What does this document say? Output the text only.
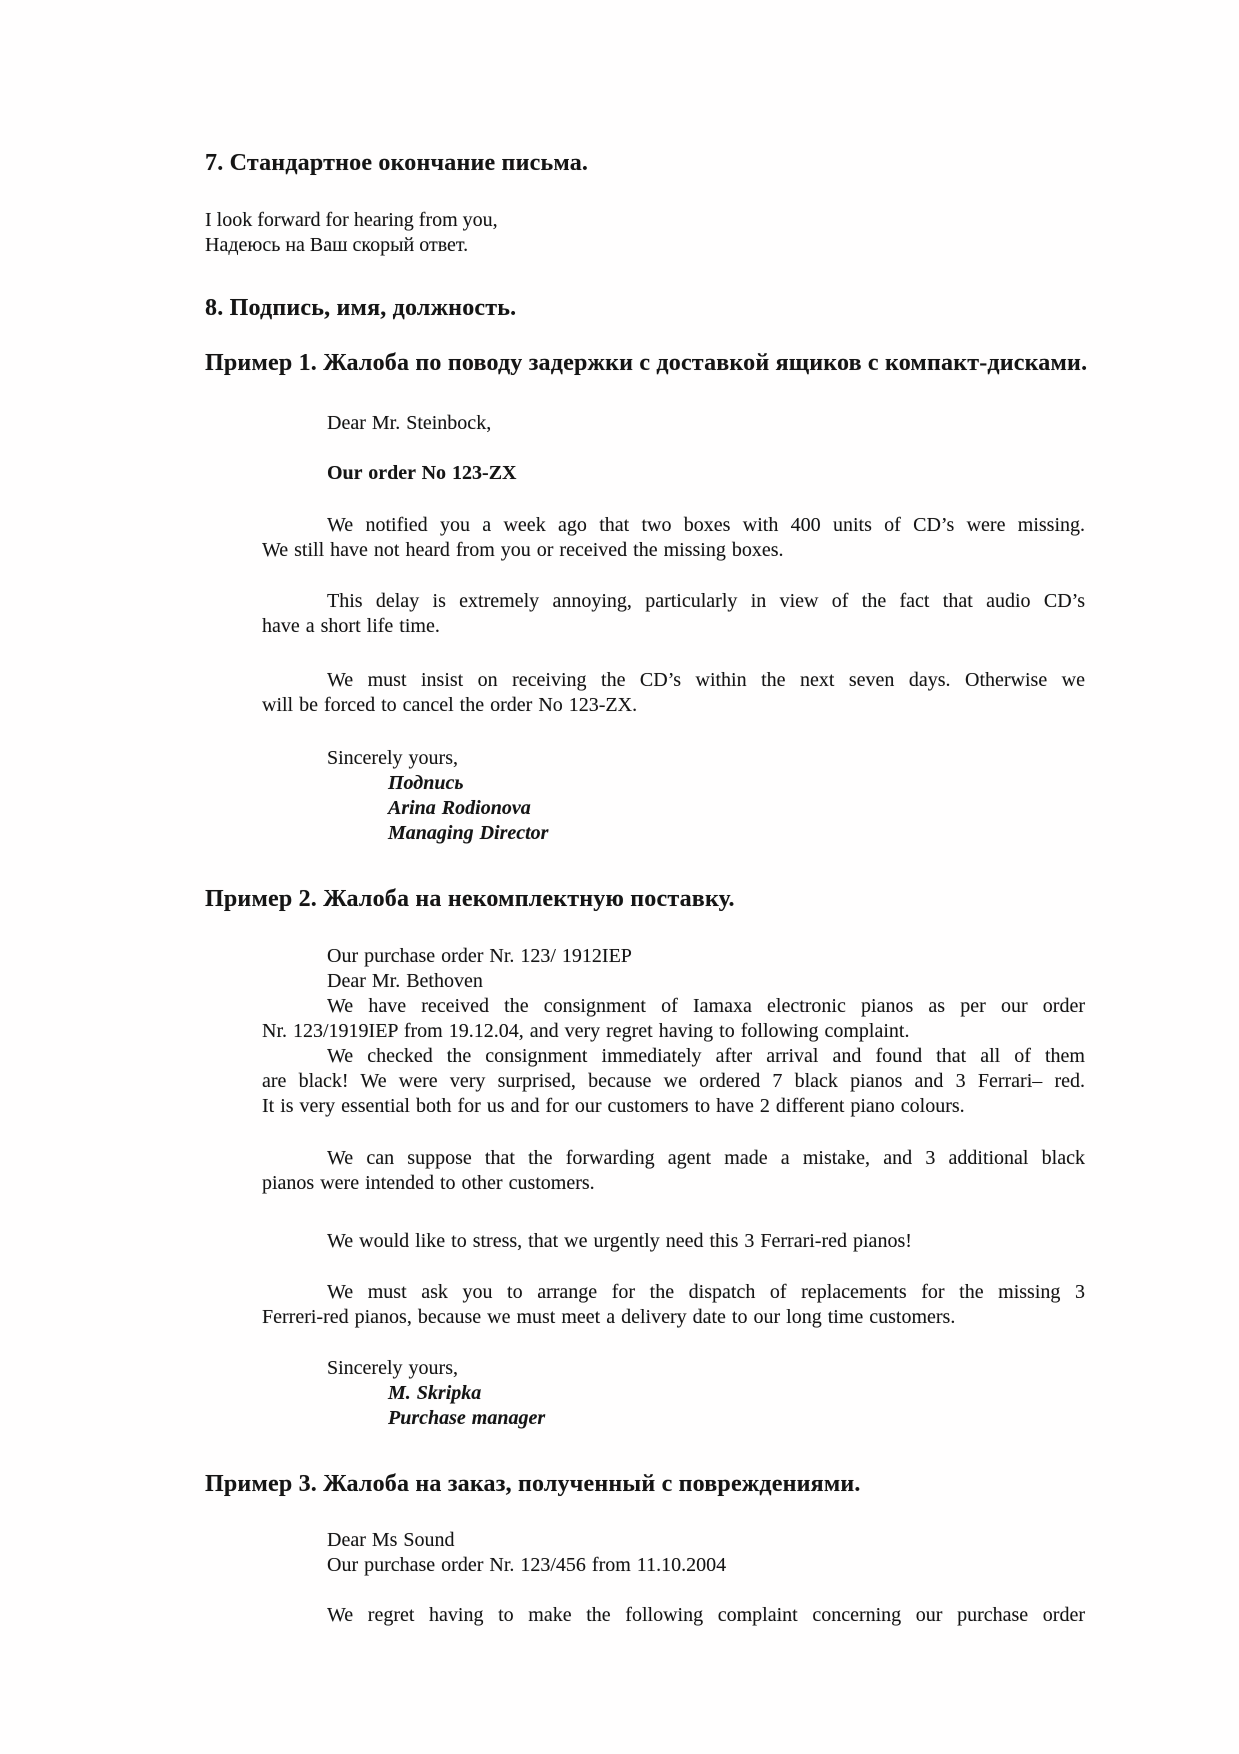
7. Стандартное окончание письма.
I look forward for hearing from you,
Надеюсь на Ваш скорый ответ.
8. Подпись, имя, должность.
Пример 1. Жалоба по поводу задержки с доставкой ящиков с компакт-дисками.
Dear Mr. Steinbock,
Our order No 123-ZX
We notified you a week ago that two boxes with 400 units of CD’s were missing.
We still have not heard from you or received the missing boxes.
This delay is extremely annoying, particularly in view of the fact that audio CD’s
have a short life time.
We must insist on receiving the CD’s within the next seven days. Otherwise we
will be forced to cancel the order No 123-ZX.
Sincerely yours,
Подпись
Arina Rodionova
Managing Director
Пример 2. Жалоба на некомплектную поставку.
Our purchase order Nr. 123/ 1912IEP
Dear Mr. Bethoven
We have received the consignment of Iamaxa electronic pianos as per our order
Nr. 123/1919IEP from 19.12.04, and very regret having to following complaint.
We checked the consignment immediately after arrival and found that all of them
are black! We were very surprised, because we ordered 7 black pianos and 3 Ferrari– red.
It is very essential both for us and for our customers to have 2 different piano colours.
We can suppose that the forwarding agent made a mistake, and 3 additional black
pianos were intended to other customers.
We would like to stress, that we urgently need this 3 Ferrari-red pianos!
We must ask you to arrange for the dispatch of replacements for the missing 3
Ferreri-red pianos, because we must meet a delivery date to our long time customers.
Sincerely yours,
M. Skripka
Purchase manager
Пример 3. Жалоба на заказ, полученный с повреждениями.
Dear Ms Sound
Our purchase order Nr. 123/456 from 11.10.2004
We regret having to make the following complaint concerning our purchase order
